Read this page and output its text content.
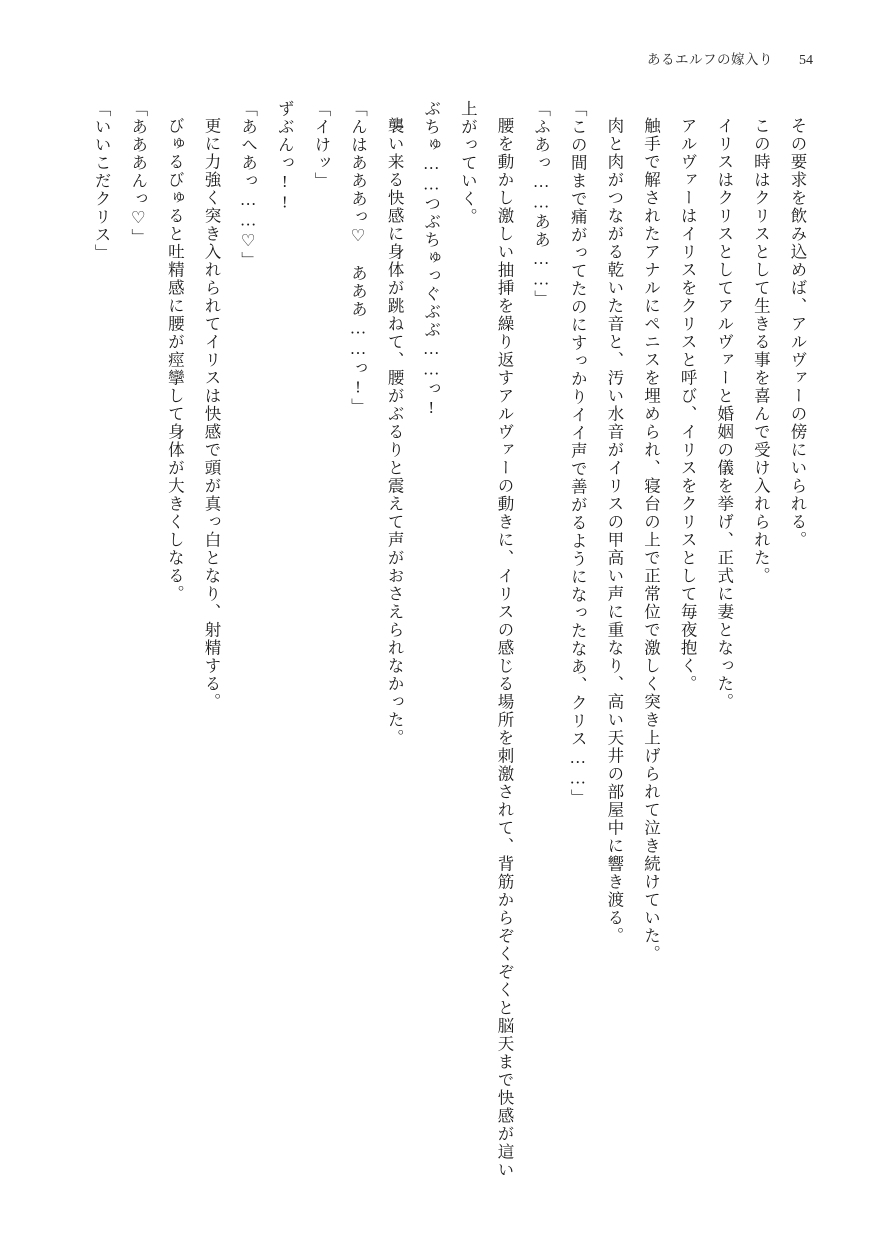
あるエルフの嫁入り 54

その要求を飲み込めば、アルヴァーの傍にいられる。

この時はクリスとして生きる事を喜んで受け入れられた。

イリスはクリスとしてアルヴァーと婚姻の儀を挙げ、正式に妻となった。

アルヴァーはイリスをクリスと呼び、イリスをクリスとして毎夜抱く。

触手で解されたアナルにペニスを埋められ、寝台の上で正常位で激しく突き上げられて泣き続けていた。

肉と肉がつながる乾いた音と、汚い水音がイリスの甲高い声に重なり、高い天井の部屋中に響き渡る。

「この間まで痛がってたのにすっかりイイ声で善がるようになったなあ、クリス……」

「ふあっ……ああ……」

腰を動かし激しい抽挿を繰り返すアルヴァーの動きに、イリスの感じる場所を刺激されて、背筋からぞくぞくと脳天まで快感が這い上がっていく。

ぶちゅ……つぶちゅっぐぶぶ……っ!

襲い来る快感に身体が跳ねて、腰がぶるりと震えて声がおさえられなかった。

「んはあああっ♡　あああ……っ!」

「イけッ」

ずぶんっ!!

「あへあっ……♡」

更に力強く突き入れられてイリスは快感で頭が真っ白となり、射精する。

びゅるびゅると吐精感に腰が痙攣して身体が大きくしなる。

「あああんっ♡」

「いいこだクリス」
